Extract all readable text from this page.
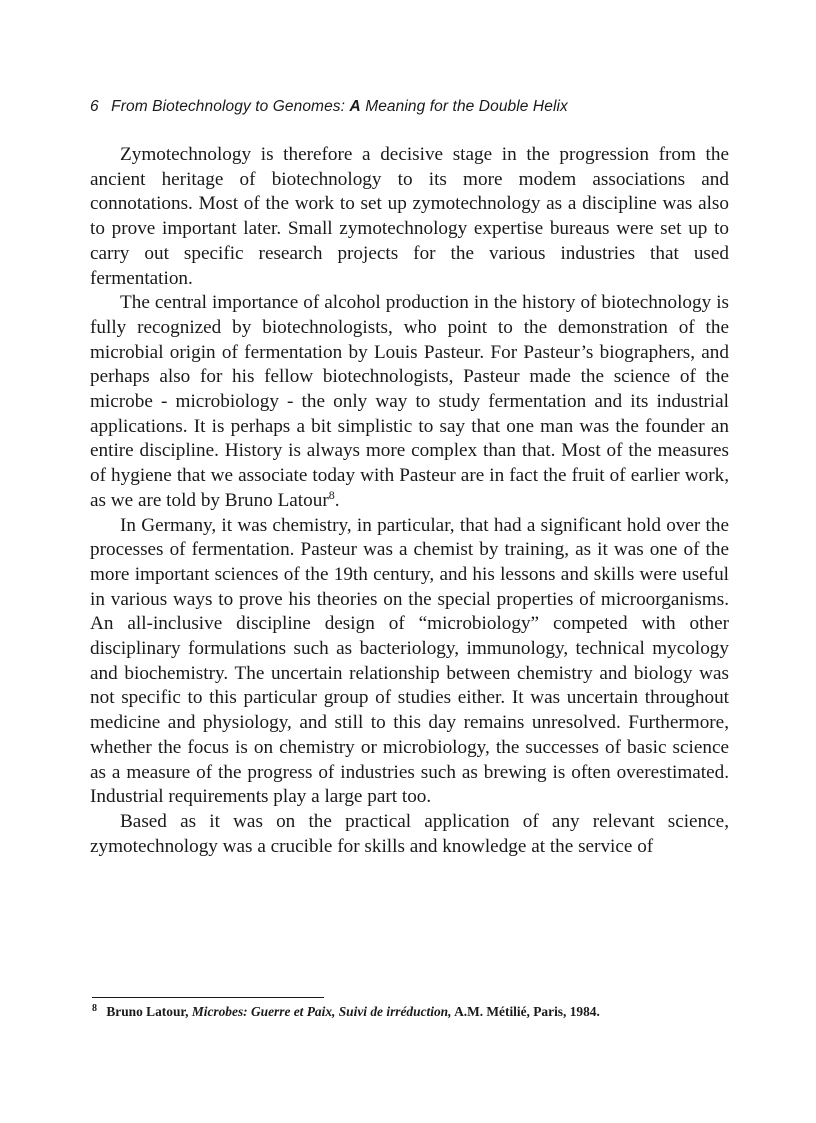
6 From Biotechnology to Genomes: A Meaning for the Double Helix

Zymotechnology is therefore a decisive stage in the progression from the ancient heritage of biotechnology to its more modem associations and connotations. Most of the work to set up zymotechnology as a discipline was also to prove important later. Small zymotechnology expertise bureaus were set up to carry out specific research projects for the various industries that used fermentation.

The central importance of alcohol production in the history of biotechnology is fully recognized by biotechnologists, who point to the demonstration of the microbial origin of fermentation by Louis Pasteur. For Pasteur’s biographers, and perhaps also for his fellow biotechnologists, Pasteur made the science of the microbe - microbiology - the only way to study fermentation and its industrial applications. It is perhaps a bit simplistic to say that one man was the founder an entire discipline. History is always more complex than that. Most of the measures of hygiene that we associate today with Pasteur are in fact the fruit of earlier work, as we are told by Bruno Latour$^8$.

In Germany, it was chemistry, in particular, that had a significant hold over the processes of fermentation. Pasteur was a chemist by training, as it was one of the more important sciences of the 19th century, and his lessons and skills were useful in various ways to prove his theories on the special properties of microorganisms. An all-inclusive discipline design of “microbiology” competed with other disciplinary formulations such as bacteriology, immunology, technical mycology and biochemistry. The uncertain relationship between chemistry and biology was not specific to this particular group of studies either. It was uncertain throughout medicine and physiology, and still to this day remains unresolved. Furthermore, whether the focus is on chemistry or microbiology, the successes of basic science as a measure of the progress of industries such as brewing is often overestimated. Industrial requirements play a large part too.

Based as it was on the practical application of any relevant science, zymotechnology was a crucible for skills and knowledge at the service of

$^8$ Bruno Latour, Microbes: Guerre et Paix, Suivi de irréduction, A.M. Métilié, Paris, 1984.
